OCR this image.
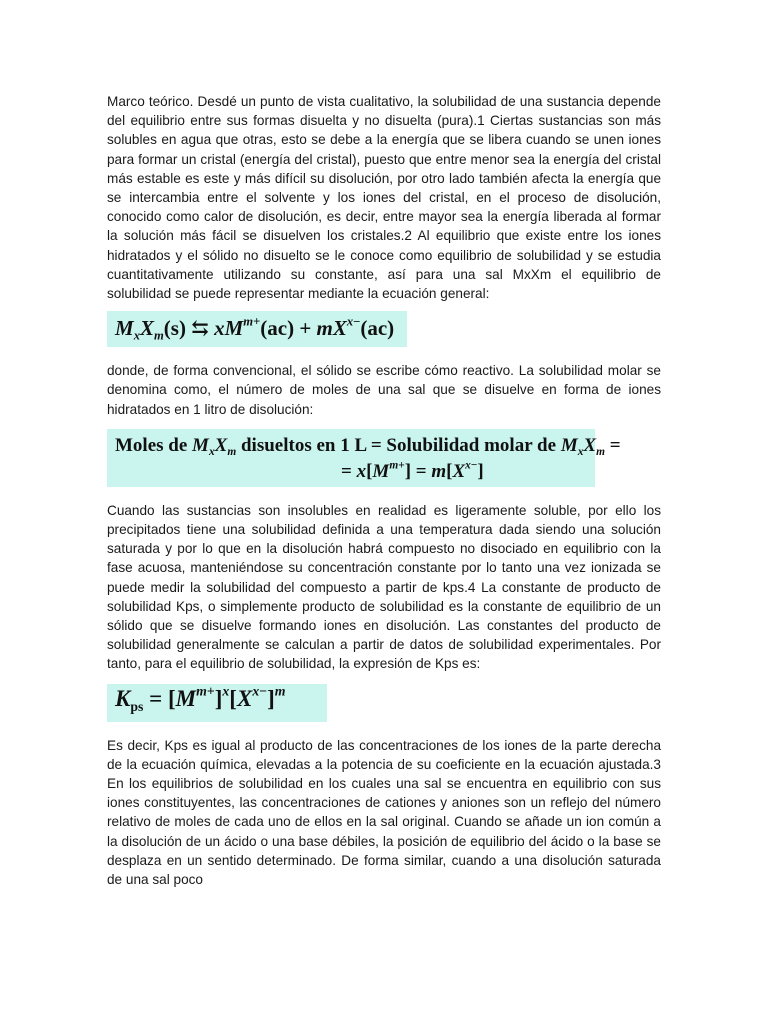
Marco teórico. Desdé un punto de vista cualitativo, la solubilidad de una sustancia depende del equilibrio entre sus formas disuelta y no disuelta (pura).1 Ciertas sustancias son más solubles en agua que otras, esto se debe a la energía que se libera cuando se unen iones para formar un cristal (energía del cristal), puesto que entre menor sea la energía del cristal más estable es este y más difícil su disolución, por otro lado también afecta la energía que se intercambia entre el solvente y los iones del cristal, en el proceso de disolución, conocido como calor de disolución, es decir, entre mayor sea la energía liberada al formar la solución más fácil se disuelven los cristales.2 Al equilibrio que existe entre los iones hidratados y el sólido no disuelto se le conoce como equilibrio de solubilidad y se estudia cuantitativamente utilizando su constante, así para una sal MxXm el equilibrio de solubilidad se puede representar mediante la ecuación general:

$M_xX_m(s)$ ⇆ $xM^{m+}(ac) + mX^{x-}(ac)$

donde, de forma convencional, el sólido se escribe cómo reactivo. La solubilidad molar se denomina como, el número de moles de una sal que se disuelve en forma de iones hidratados en 1 litro de disolución:

Moles de $M_xX_m$ disueltos en 1 L = Solubilidad molar de $M_xX_m$ =
= $x[M^{m+}] = m[X^{x-}]$

Cuando las sustancias son insolubles en realidad es ligeramente soluble, por ello los precipitados tiene una solubilidad definida a una temperatura dada siendo una solución saturada y por lo que en la disolución habrá compuesto no disociado en equilibrio con la fase acuosa, manteniéndose su concentración constante por lo tanto una vez ionizada se puede medir la solubilidad del compuesto a partir de kps.4 La constante de producto de solubilidad Kps, o simplemente producto de solubilidad es la constante de equilibrio de un sólido que se disuelve formando iones en disolución. Las constantes del producto de solubilidad generalmente se calculan a partir de datos de solubilidad experimentales. Por tanto, para el equilibrio de solubilidad, la expresión de Kps es:

$K_{ps} = [M^{m+}]^x[X^{x-}]^m$

Es decir, Kps es igual al producto de las concentraciones de los iones de la parte derecha de la ecuación química, elevadas a la potencia de su coeficiente en la ecuación ajustada.3 En los equilibrios de solubilidad en los cuales una sal se encuentra en equilibrio con sus iones constituyentes, las concentraciones de cationes y aniones son un reflejo del número relativo de moles de cada uno de ellos en la sal original. Cuando se añade un ion común a la disolución de un ácido o una base débiles, la posición de equilibrio del ácido o la base se desplaza en un sentido determinado. De forma similar, cuando a una disolución saturada de una sal poco
